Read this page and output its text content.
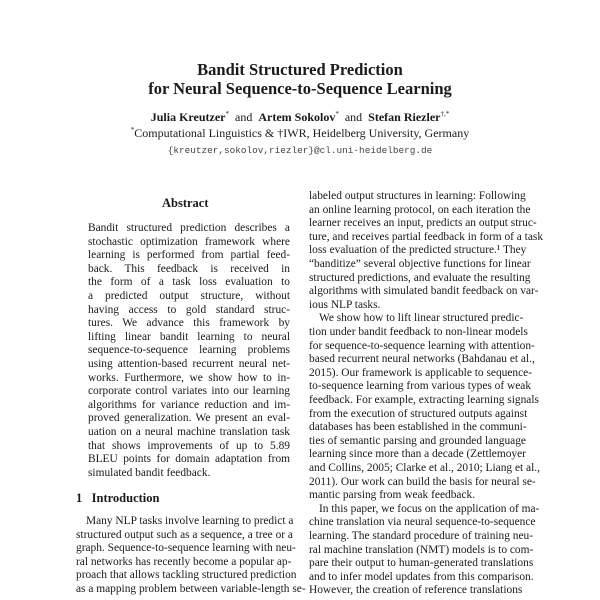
Bandit Structured Prediction
for Neural Sequence-to-Sequence Learning
Julia Kreutzer* and Artem Sokolov* and Stefan Riezler†,*
*Computational Linguistics & †IWR, Heidelberg University, Germany
{kreutzer,sokolov,riezler}@cl.uni-heidelberg.de
Abstract
1 Introduction
Bandit structured prediction describes a
stochastic optimization framework where
learning is performed from partial feed-
back. This feedback is received in
the form of a task loss evaluation to
a predicted output structure, without
having access to gold standard struc-
tures. We advance this framework by
lifting linear bandit learning to neural
sequence-to-sequence learning problems
using attention-based recurrent neural net-
works. Furthermore, we show how to in-
corporate control variates into our learning
algorithms for variance reduction and im-
proved generalization. We present an eval-
uation on a neural machine translation task
that shows improvements of up to 5.89
BLEU points for domain adaptation from
simulated bandit feedback.
Many NLP tasks involve learning to predict a
structured output such as a sequence, a tree or a
graph. Sequence-to-sequence learning with neu-
ral networks has recently become a popular ap-
proach that allows tackling structured prediction
as a mapping problem between variable-length se-
labeled output structures in learning: Following
an online learning protocol, on each iteration the
learner receives an input, predicts an output struc-
ture, and receives partial feedback in form of a task
loss evaluation of the predicted structure.¹ They
“banditize” several objective functions for linear
structured predictions, and evaluate the resulting
algorithms with simulated bandit feedback on var-
ious NLP tasks.
We show how to lift linear structured predic-
tion under bandit feedback to non-linear models
for sequence-to-sequence learning with attention-
based recurrent neural networks (Bahdanau et al.,
2015). Our framework is applicable to sequence-
to-sequence learning from various types of weak
feedback. For example, extracting learning signals
from the execution of structured outputs against
databases has been established in the communi-
ties of semantic parsing and grounded language
learning since more than a decade (Zettlemoyer
and Collins, 2005; Clarke et al., 2010; Liang et al.,
2011). Our work can build the basis for neural se-
mantic parsing from weak feedback.
In this paper, we focus on the application of ma-
chine translation via neural sequence-to-sequence
learning. The standard procedure of training neu-
ral machine translation (NMT) models is to com-
pare their output to human-generated translations
and to infer model updates from this comparison.
However, the creation of reference translations
